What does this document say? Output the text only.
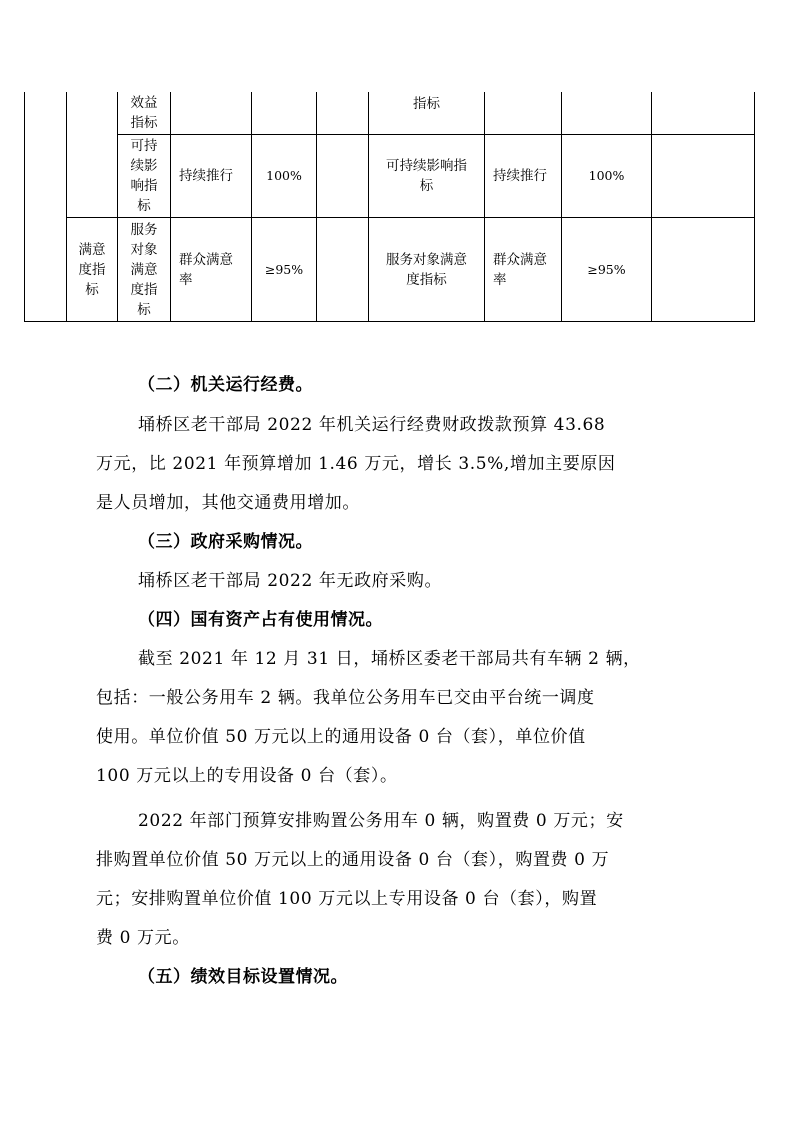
效益指标
指标
可持续影响指标
持续推行	100%
可持续影响指标
持续推行	100%
满意度指标
服务对象满意度指标
群众满意率
≥95%
服务对象满意度指标
群众满意率
≥95%
（二）机关运行经费。
埇桥区老干部局 2022 年机关运行经费财政拨款预算 43.68
万元，比 2021 年预算增加 1.46 万元，增长 3.5%,增加主要原因
是人员增加，其他交通费用增加。
（三）政府采购情况。
埇桥区老干部局 2022 年无政府采购。
（四）国有资产占有使用情况。
截至 2021 年 12 月 31 日，埇桥区委老干部局共有车辆 2 辆，
包括：一般公务用车 2 辆。我单位公务用车已交由平台统一调度
使用。单位价值 50 万元以上的通用设备 0 台（套），单位价值
100 万元以上的专用设备 0 台（套）。
2022 年部门预算安排购置公务用车 0 辆，购置费 0 万元；安
排购置单位价值 50 万元以上的通用设备 0 台（套），购置费 0 万
元；安排购置单位价值 100 万元以上专用设备 0 台（套），购置
费 0 万元。
（五）绩效目标设置情况。
